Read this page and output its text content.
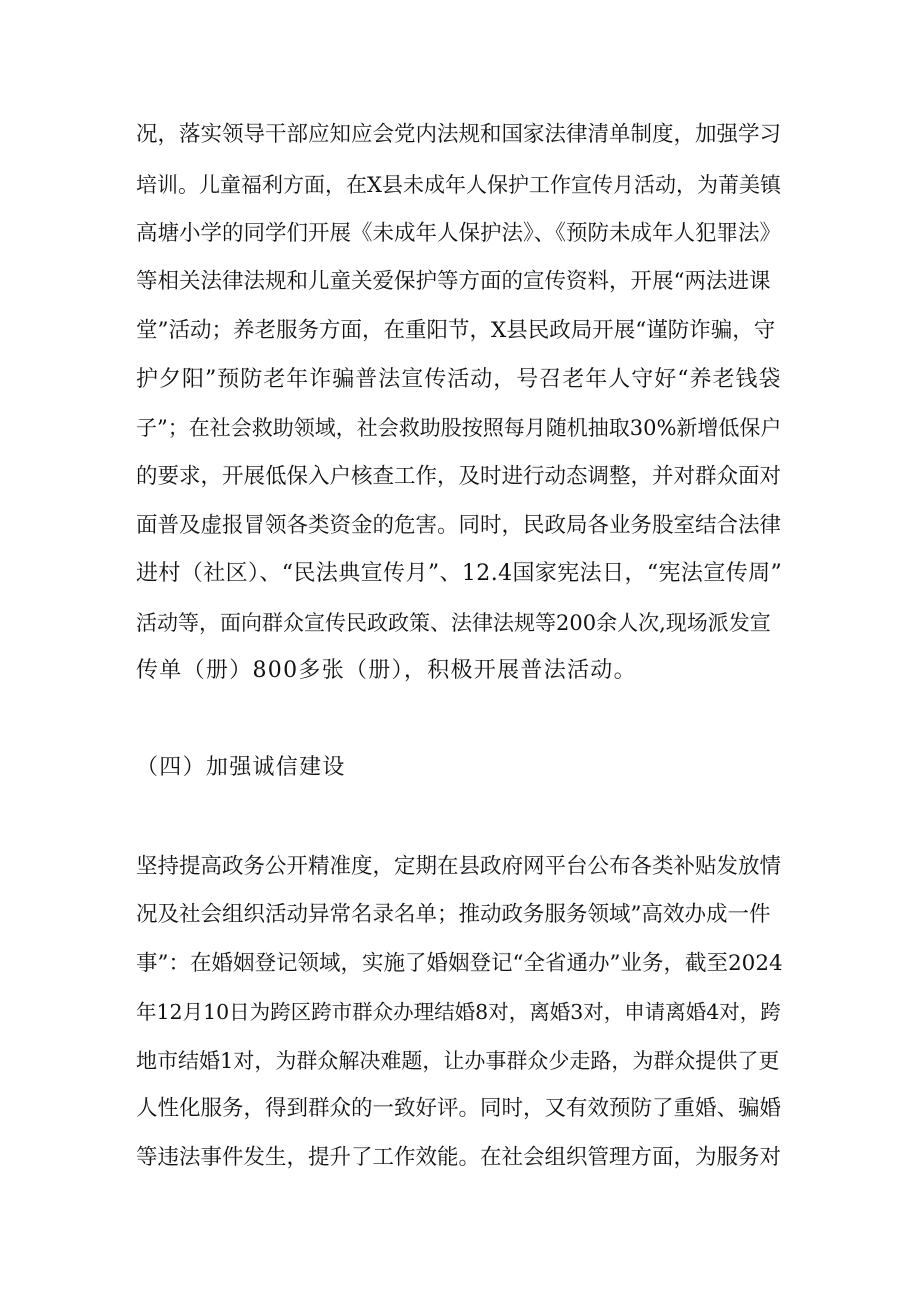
况，落实领导干部应知应会党内法规和国家法律清单制度，加强学习
培训。儿童福利方面，在X县未成年人保护工作宣传月活动，为莆美镇
高塘小学的同学们开展《未成年人保护法》、《预防未成年人犯罪法》
等相关法律法规和儿童关爱保护等方面的宣传资料，开展“两法进课
堂”活动；养老服务方面，在重阳节，X县民政局开展“谨防诈骗，守
护夕阳”预防老年诈骗普法宣传活动，号召老年人守好“养老钱袋
子”；在社会救助领域，社会救助股按照每月随机抽取30%新增低保户
的要求，开展低保入户核查工作，及时进行动态调整，并对群众面对
面普及虚报冒领各类资金的危害。同时，民政局各业务股室结合法律
进村（社区）、“民法典宣传月”、12.4国家宪法日，“宪法宣传周”
活动等，面向群众宣传民政政策、法律法规等200余人次,现场派发宣
传单（册）800多张（册），积极开展普法活动。
（四）加强诚信建设
坚持提高政务公开精准度，定期在县政府网平台公布各类补贴发放情
况及社会组织活动异常名录名单；推动政务服务领域”高效办成一件
事”：在婚姻登记领域，实施了婚姻登记“全省通办”业务，截至2024
年12月10日为跨区跨市群众办理结婚8对，离婚3对，申请离婚4对，跨
地市结婚1对，为群众解决难题，让办事群众少走路，为群众提供了更
人性化服务，得到群众的一致好评。同时，又有效预防了重婚、骗婚
等违法事件发生，提升了工作效能。在社会组织管理方面，为服务对
